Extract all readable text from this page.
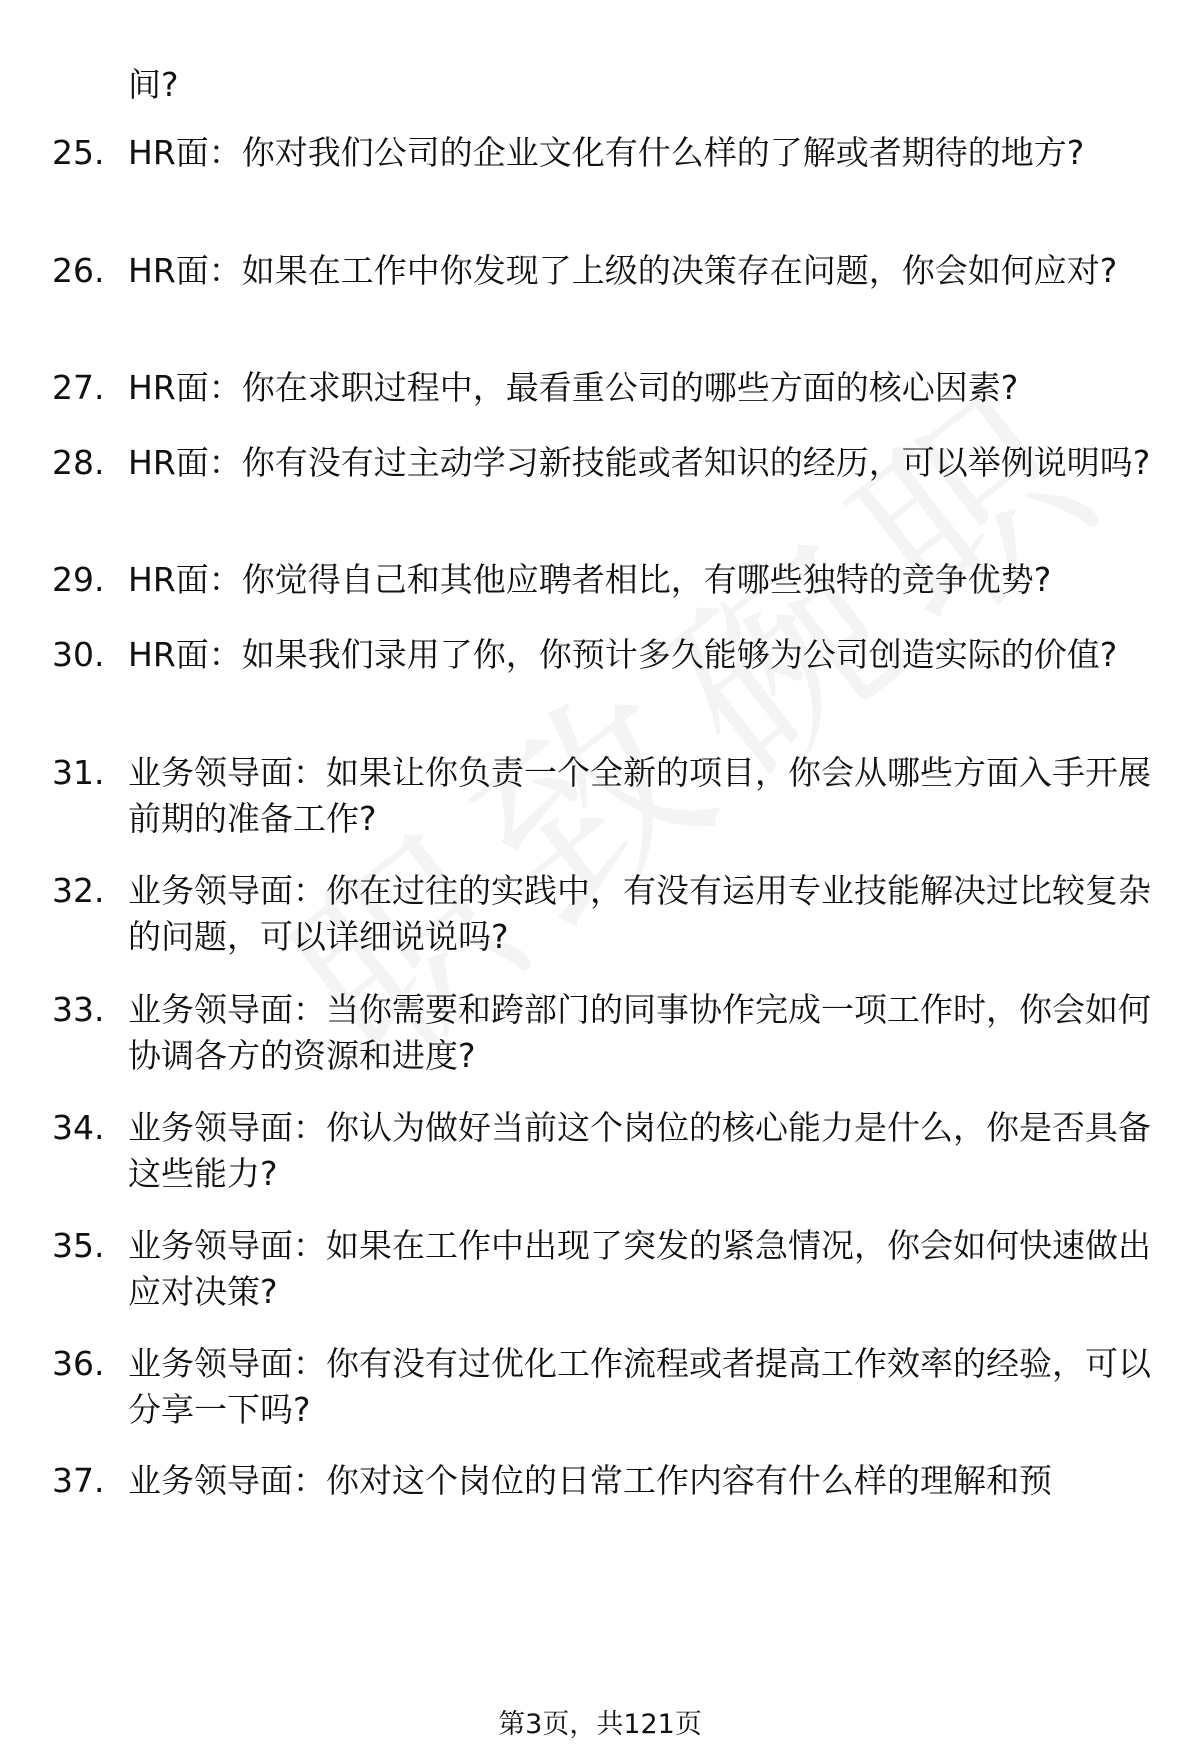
间?
25. HR面：你对我们公司的企业文化有什么样的了解或者期待的地方?
26. HR面：如果在工作中你发现了上级的决策存在问题，你会如何应对?
27. HR面：你在求职过程中，最看重公司的哪些方面的核心因素?
28. HR面：你有没有过主动学习新技能或者知识的经历，可以举例说明吗?
29. HR面：你觉得自己和其他应聘者相比，有哪些独特的竞争优势?
30. HR面：如果我们录用了你，你预计多久能够为公司创造实际的价值?
31. 业务领导面：如果让你负责一个全新的项目，你会从哪些方面入手开展前期的准备工作?
32. 业务领导面：你在过往的实践中，有没有运用专业技能解决过比较复杂的问题，可以详细说说吗?
33. 业务领导面：当你需要和跨部门的同事协作完成一项工作时，你会如何协调各方的资源和进度?
34. 业务领导面：你认为做好当前这个岗位的核心能力是什么，你是否具备这些能力?
35. 业务领导面：如果在工作中出现了突发的紧急情况，你会如何快速做出应对决策?
36. 业务领导面：你有没有过优化工作流程或者提高工作效率的经验，可以分享一下吗?
37. 业务领导面：你对这个岗位的日常工作内容有什么样的理解和预
第3页，共121页
